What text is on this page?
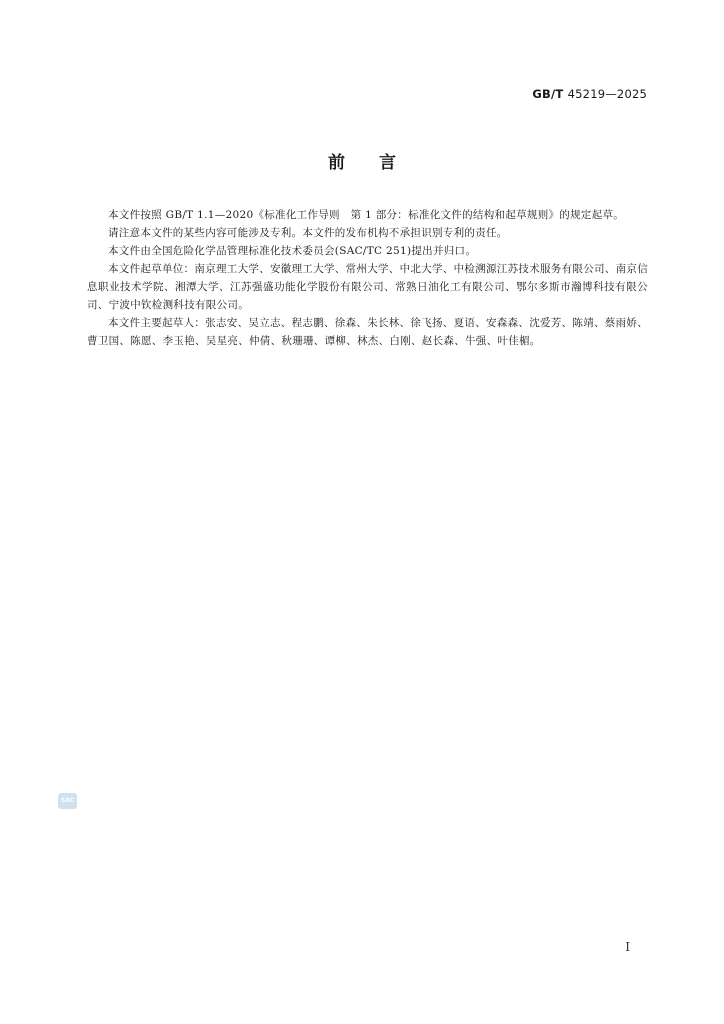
GB/T 45219—2025
前言

本文件按照 GB/T 1.1—2020《标准化工作导则　第 1 部分：标准化文件的结构和起草规则》的规定起草。

请注意本文件的某些内容可能涉及专利。本文件的发布机构不承担识别专利的责任。

本文件由全国危险化学品管理标准化技术委员会(SAC/TC 251)提出并归口。

本文件起草单位：南京理工大学、安徽理工大学、常州大学、中北大学、中检溯源江苏技术服务有限公司、南京信息职业技术学院、湘潭大学、江苏强盛功能化学股份有限公司、常熟日油化工有限公司、鄂尔多斯市瀚博科技有限公司、宁波中钦检测科技有限公司。

本文件主要起草人：张志安、吴立志、程志鹏、徐森、朱长林、徐飞扬、夏语、安森森、沈爱芳、陈靖、蔡雨娇、曹卫国、陈愿、李玉艳、吴星亮、仲倩、秋珊珊、谭柳、林杰、白刚、赵长森、牛强、叶佳楣。

SAC
I
